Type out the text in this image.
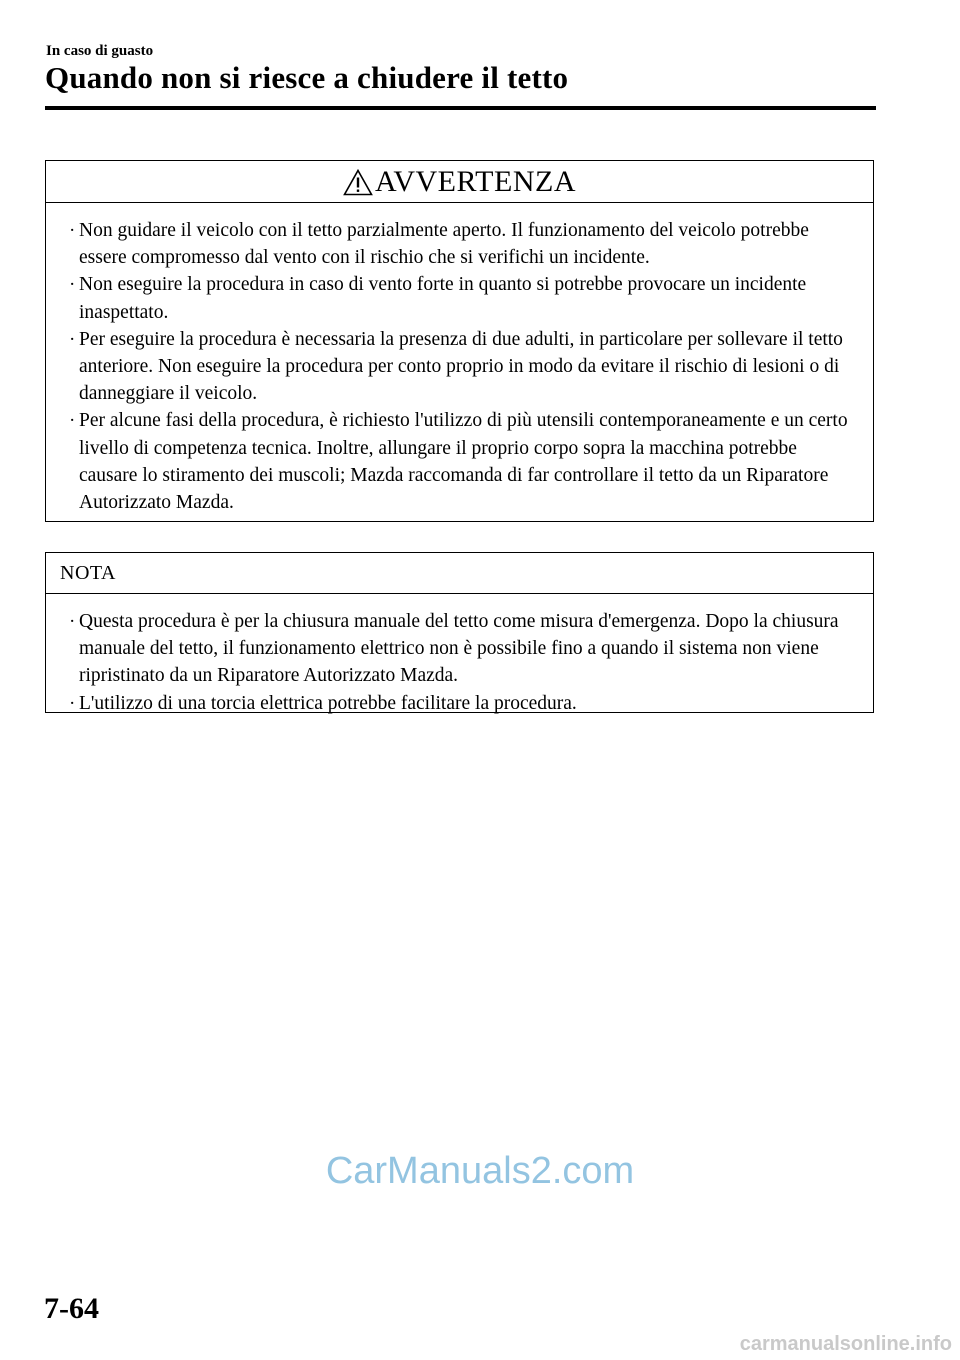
In caso di guasto
Quando non si riesce a chiudere il tetto
AVVERTENZA
· Non guidare il veicolo con il tetto parzialmente aperto. Il funzionamento del veicolo potrebbe essere compromesso dal vento con il rischio che si verifichi un incidente.
· Non eseguire la procedura in caso di vento forte in quanto si potrebbe provocare un incidente inaspettato.
· Per eseguire la procedura è necessaria la presenza di due adulti, in particolare per sollevare il tetto anteriore. Non eseguire la procedura per conto proprio in modo da evitare il rischio di lesioni o di danneggiare il veicolo.
· Per alcune fasi della procedura, è richiesto l'utilizzo di più utensili contemporaneamente e un certo livello di competenza tecnica. Inoltre, allungare il proprio corpo sopra la macchina potrebbe causare lo stiramento dei muscoli; Mazda raccomanda di far controllare il tetto da un Riparatore Autorizzato Mazda.
NOTA
· Questa procedura è per la chiusura manuale del tetto come misura d'emergenza. Dopo la chiusura manuale del tetto, il funzionamento elettrico non è possibile fino a quando il sistema non viene ripristinato da un Riparatore Autorizzato Mazda.
· L'utilizzo di una torcia elettrica potrebbe facilitare la procedura.
CarManuals2.com
7-64
carmanualsonline.info
